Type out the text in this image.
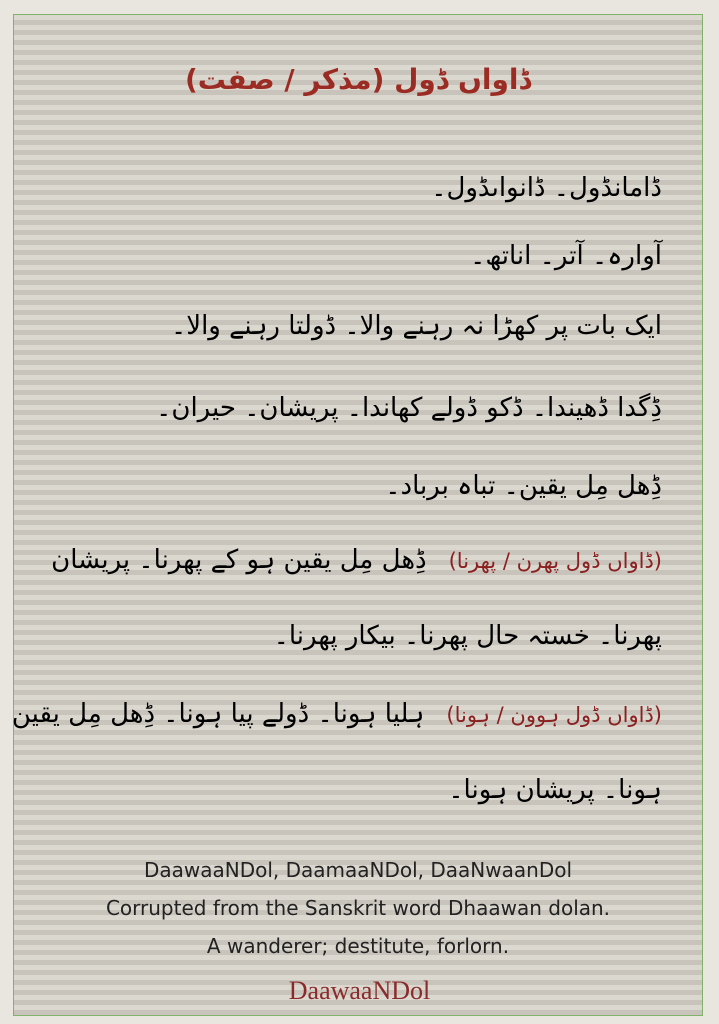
ڈاواں ڈول (مذکر / صفت)
ڈامانڈول۔ ڈانواںڈول۔
آوارہ۔ آتر۔ اناتھ۔
ایک بات پر کھڑا نہ رہنے والا۔ ڈولتا رہنے والا۔
ڈِگدا ڈھیندا۔ ڈکو ڈولے کھاندا۔ پریشان۔ حیران۔
ڈِھل مِل یقین۔ تباہ برباد۔
(ڈاواں ڈول پھرن / پھرنا)ڈِھل مِل یقین ہو کے پھرنا۔ پریشان
پھرنا۔ خستہ حال پھرنا۔ بیکار پھرنا۔
(ڈاواں ڈول ہوون / ہونا)ہلیا ہونا۔ ڈولے پیا ہونا۔ ڈِھل مِل یقین
ہونا۔ پریشان ہونا۔
DaawaaNDol, DaamaaNDol, DaaNwaanDol
Corrupted from the Sanskrit word Dhaawan dolan.
A wanderer; destitute, forlorn.
DaawaaNDol
